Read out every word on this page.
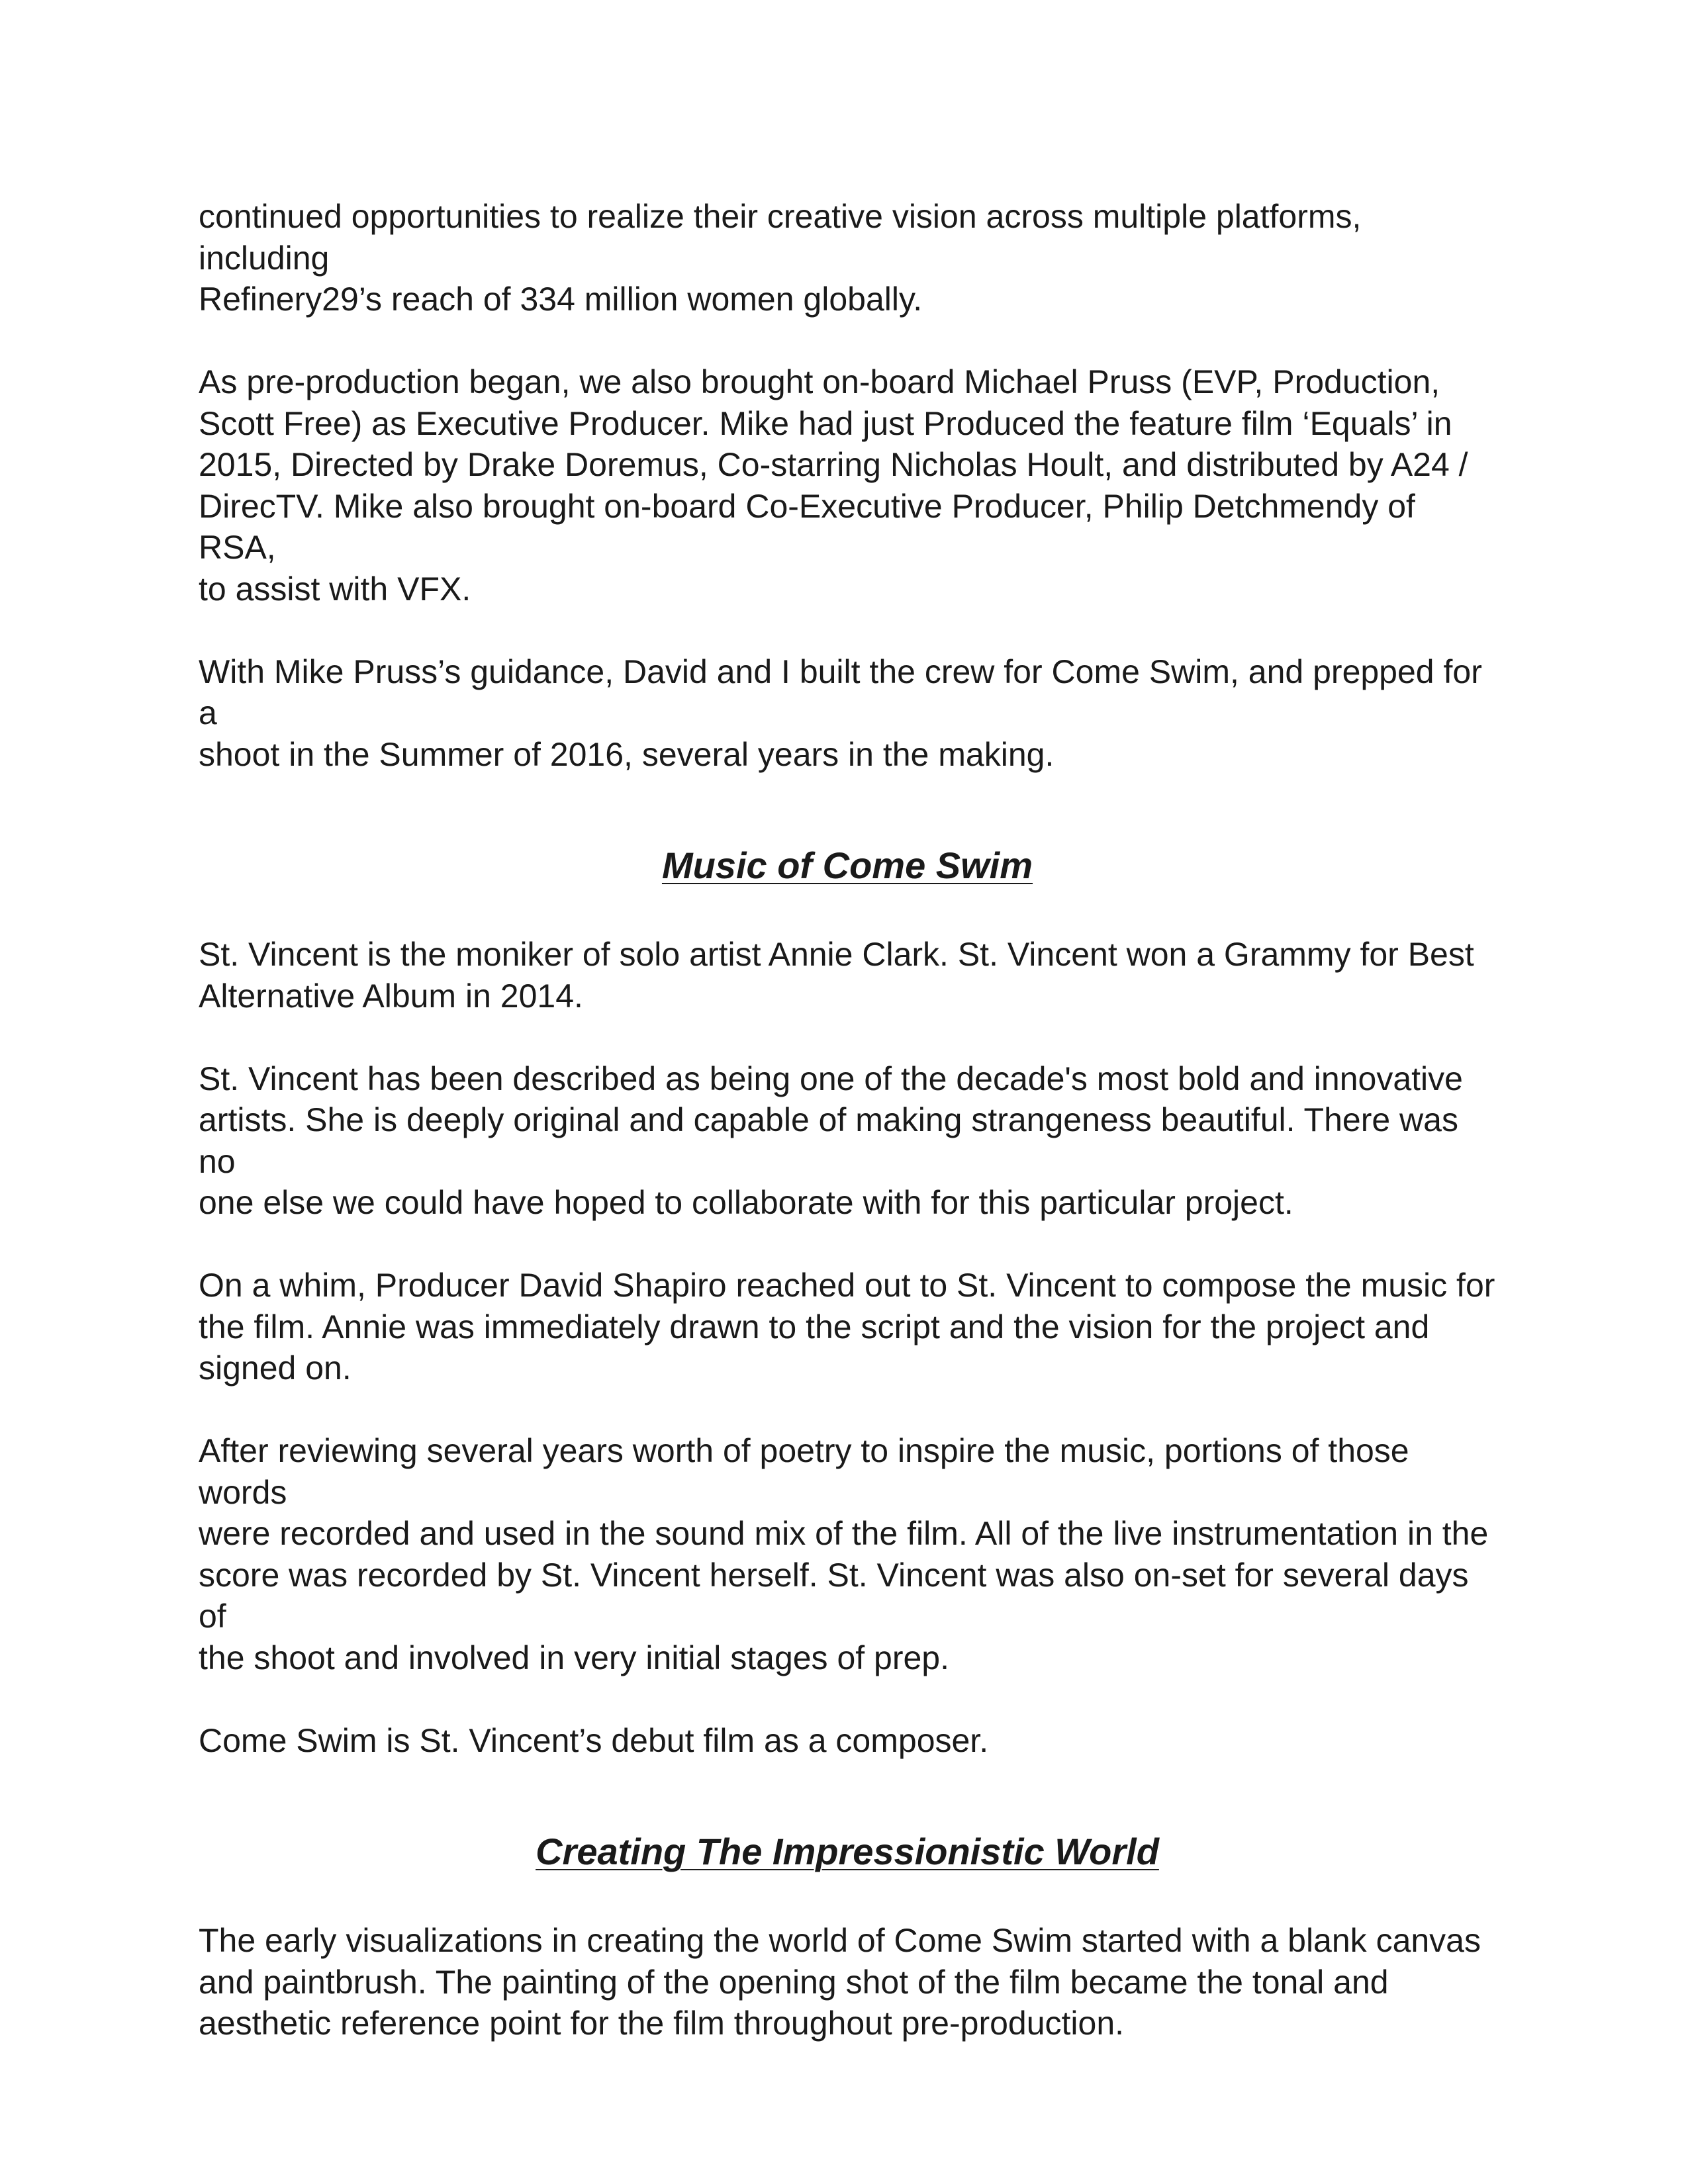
continued opportunities to realize their creative vision across multiple platforms, including
Refinery29’s reach of 334 million women globally.

As pre-production began, we also brought on-board Michael Pruss (EVP, Production,
Scott Free) as Executive Producer. Mike had just Produced the feature film ‘Equals’ in
2015, Directed by Drake Doremus, Co-starring Nicholas Hoult, and distributed by A24 /
DirecTV. Mike also brought on-board Co-Executive Producer, Philip Detchmendy of RSA,
to assist with VFX.

With Mike Pruss’s guidance, David and I built the crew for Come Swim, and prepped for a
shoot in the Summer of 2016, several years in the making.

Music of Come Swim

St. Vincent is the moniker of solo artist Annie Clark. St. Vincent won a Grammy for Best
Alternative Album in 2014.

St. Vincent has been described as being one of the decade's most bold and innovative
artists. She is deeply original and capable of making strangeness beautiful. There was no
one else we could have hoped to collaborate with for this particular project.

On a whim, Producer David Shapiro reached out to St. Vincent to compose the music for
the film. Annie was immediately drawn to the script and the vision for the project and
signed on.

After reviewing several years worth of poetry to inspire the music, portions of those words
were recorded and used in the sound mix of the film. All of the live instrumentation in the
score was recorded by St. Vincent herself. St. Vincent was also on-set for several days of
the shoot and involved in very initial stages of prep.

Come Swim is St. Vincent’s debut film as a composer.

Creating The Impressionistic World

The early visualizations in creating the world of Come Swim started with a blank canvas
and paintbrush. The painting of the opening shot of the film became the tonal and
aesthetic reference point for the film throughout pre-production.
